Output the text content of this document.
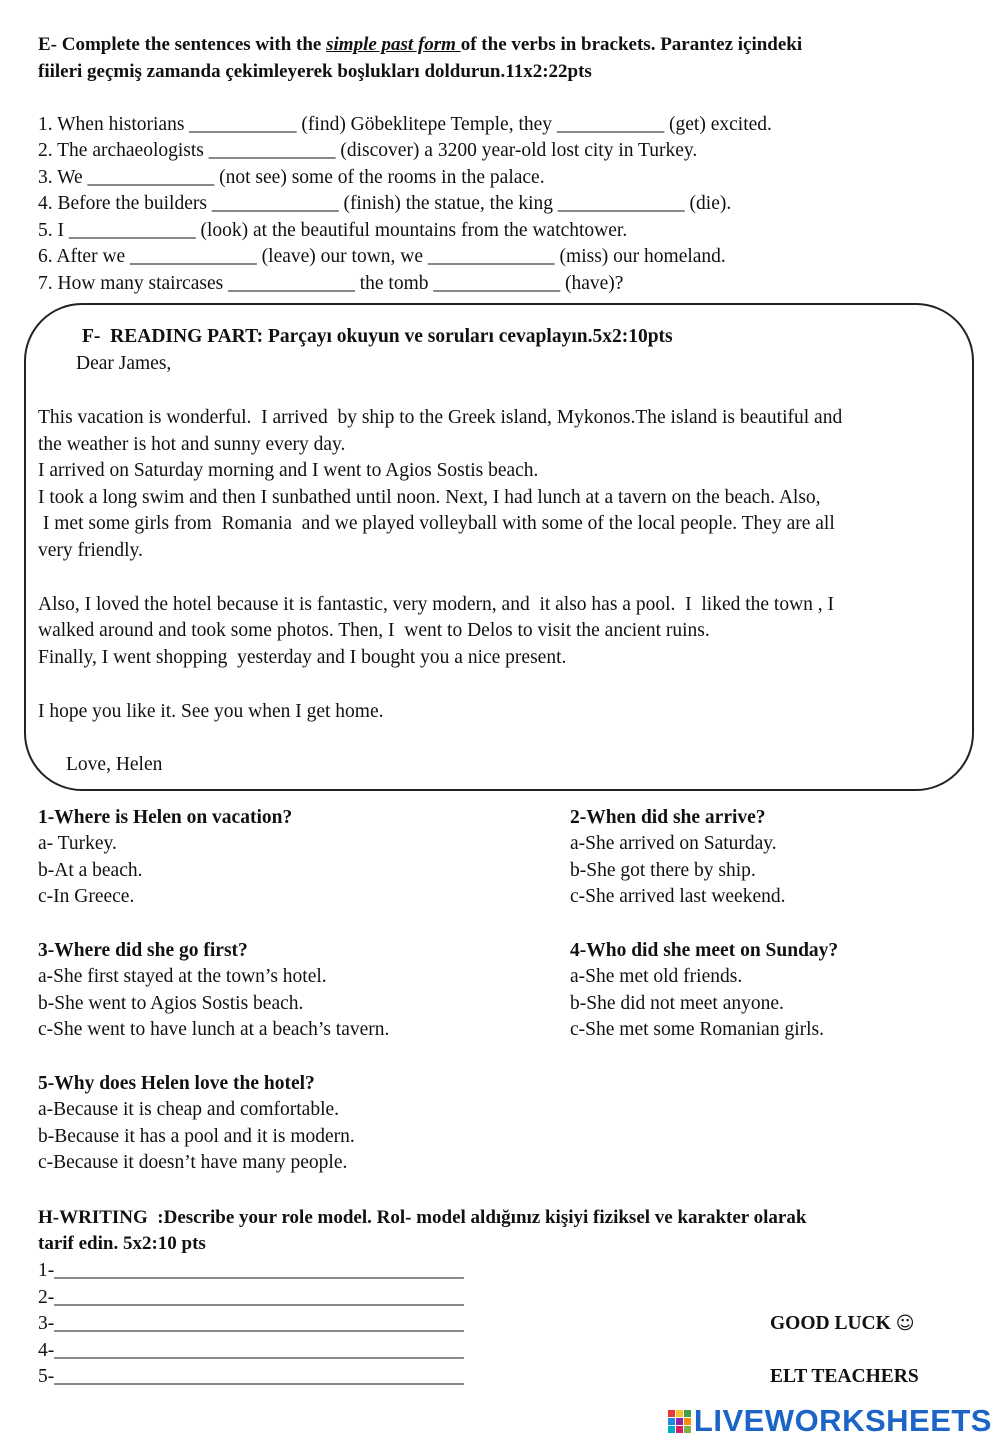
E- Complete the sentences with the simple past form of the verbs in brackets. Parantez içindeki
fiileri geçmiş zamanda çekimleyerek boşlukları doldurun.11x2:22pts
1. When historians ___________ (find) Göbeklitepe Temple, they ___________ (get) excited.
2. The archaeologists _____________ (discover) a 3200 year-old lost city in Turkey.
3. We _____________ (not see) some of the rooms in the palace.
4. Before the builders _____________ (finish) the statue, the king _____________ (die).
5. I _____________ (look) at the beautiful mountains from the watchtower.
6. After we _____________ (leave) our town, we _____________ (miss) our homeland.
7. How many staircases _____________ the tomb _____________ (have)?
F-  READING PART: Parçayı okuyun ve soruları cevaplayın.5x2:10pts
Dear James,
This vacation is wonderful.  I arrived  by ship to the Greek island, Mykonos.The island is beautiful and
the weather is hot and sunny every day.
I arrived on Saturday morning and I went to Agios Sostis beach.
I took a long swim and then I sunbathed until noon. Next, I had lunch at a tavern on the beach. Also,
I met some girls from  Romania  and we played volleyball with some of the local people. They are all
very friendly.
Also, I loved the hotel because it is fantastic, very modern, and  it also has a pool.  I  liked the town , I
walked around and took some photos. Then, I  went to Delos to visit the ancient ruins.
Finally, I went shopping  yesterday and I bought you a nice present.
I hope you like it. See you when I get home.
Love, Helen
1-Where is Helen on vacation?
a- Turkey.
b-At a beach.
c-In Greece.
2-When did she arrive?
a-She arrived on Saturday.
b-She got there by ship.
c-She arrived last weekend.
3-Where did she go first?
a-She first stayed at the town’s hotel.
b-She went to Agios Sostis beach.
c-She went to have lunch at a beach’s tavern.
4-Who did she meet on Sunday?
a-She met old friends.
b-She did not meet anyone.
c-She met some Romanian girls.
5-Why does Helen love the hotel?
a-Because it is cheap and comfortable.
b-Because it has a pool and it is modern.
c-Because it doesn’t have many people.
H-WRITING  :Describe your role model. Rol- model aldığınız kişiyi fiziksel ve karakter olarak
tarif edin. 5x2:10 pts
1-__________________________________________
2-__________________________________________
3-__________________________________________
4-__________________________________________
5-__________________________________________
GOOD LUCK ☺
ELT TEACHERS
LIVEWORKSHEETS
